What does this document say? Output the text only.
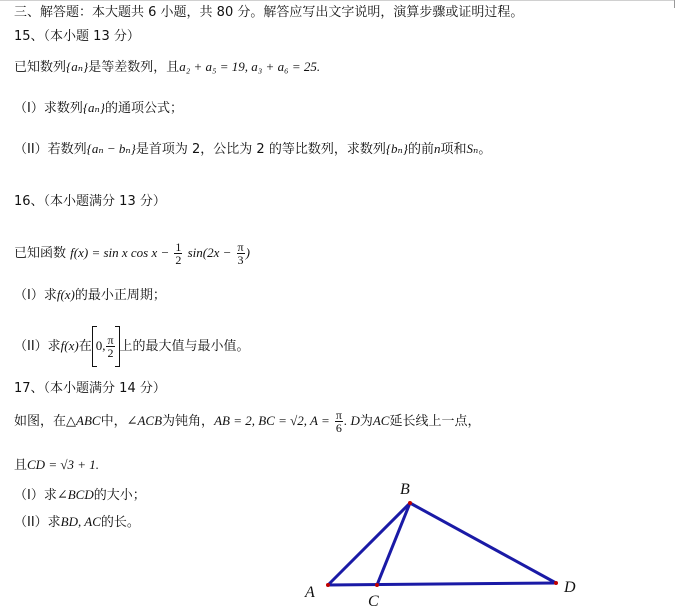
三、解答题：本大题共 6 小题，共 80 分。解答应写出文字说明，演算步骤或证明过程。
15、（本小题 13 分）
已知数列{aₙ}是等差数列，且a₂ + a₅ = 19, a₃ + a₆ = 25.
（I）求数列{aₙ}的通项公式；
（II）若数列{aₙ − bₙ}是首项为 2，公比为 2 的等比数列，求数列{bₙ}的前n项和Sₙ。
16、（本小题满分 13 分）
已知函数 f(x) = sin x $\cos x - \frac{1}{2} \sin(2x - \frac{\pi}{3}$ )
（I）求f(x)的最小正周期；
（II）求f(x)在 0, $\frac{\pi}{2}$ 上的最大值与最小值。
17、（本小题满分 14 分）
如图，在△ABC中，∠ACB为钝角，AB = 2, BC = √2, $A = \frac{\pi}{6}$ . D为AC延长线上一点，
且CD = √3 + 1.
（I）求∠BCD的大小；
（II）求BD, AC的长。
A
B
C
D
